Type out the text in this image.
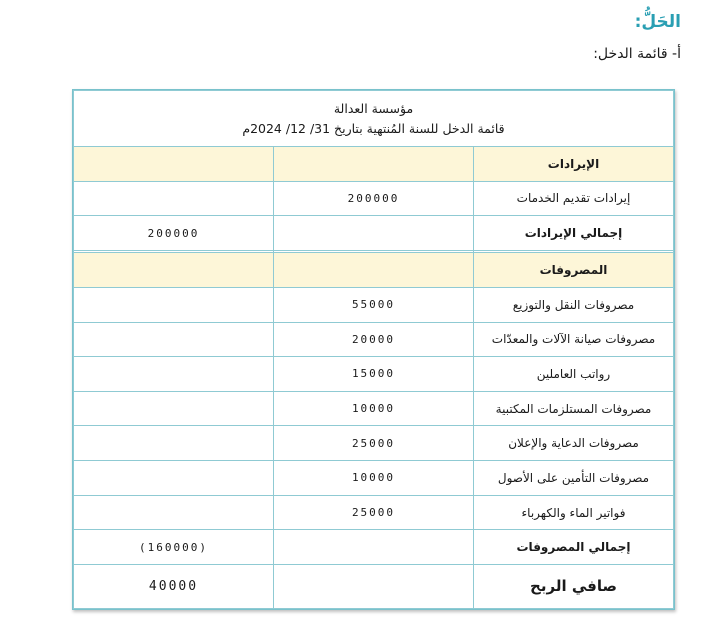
الحَلُّ:

أ- قائمة الدخل:

مؤسسة العدالة
قائمة الدخل للسنة المُنتهية بتاريخ 31/ 12/ 2024م		

الإيرادات		
إيرادات تقديم الخدمات	200000	
إجمالي الإيرادات		200000

المصروفات		
مصروفات النقل والتوزيع	55000	
مصروفات صيانة الآلات والمعدّات	20000	
رواتب العاملين	15000	
مصروفات المستلزمات المكتبية	10000	
مصروفات الدعاية والإعلان	25000	
مصروفات التأمين على الأصول	10000	
فواتير الماء والكهرباء	25000	
إجمالي المصروفات		(160000)
صافي الربح		40000
